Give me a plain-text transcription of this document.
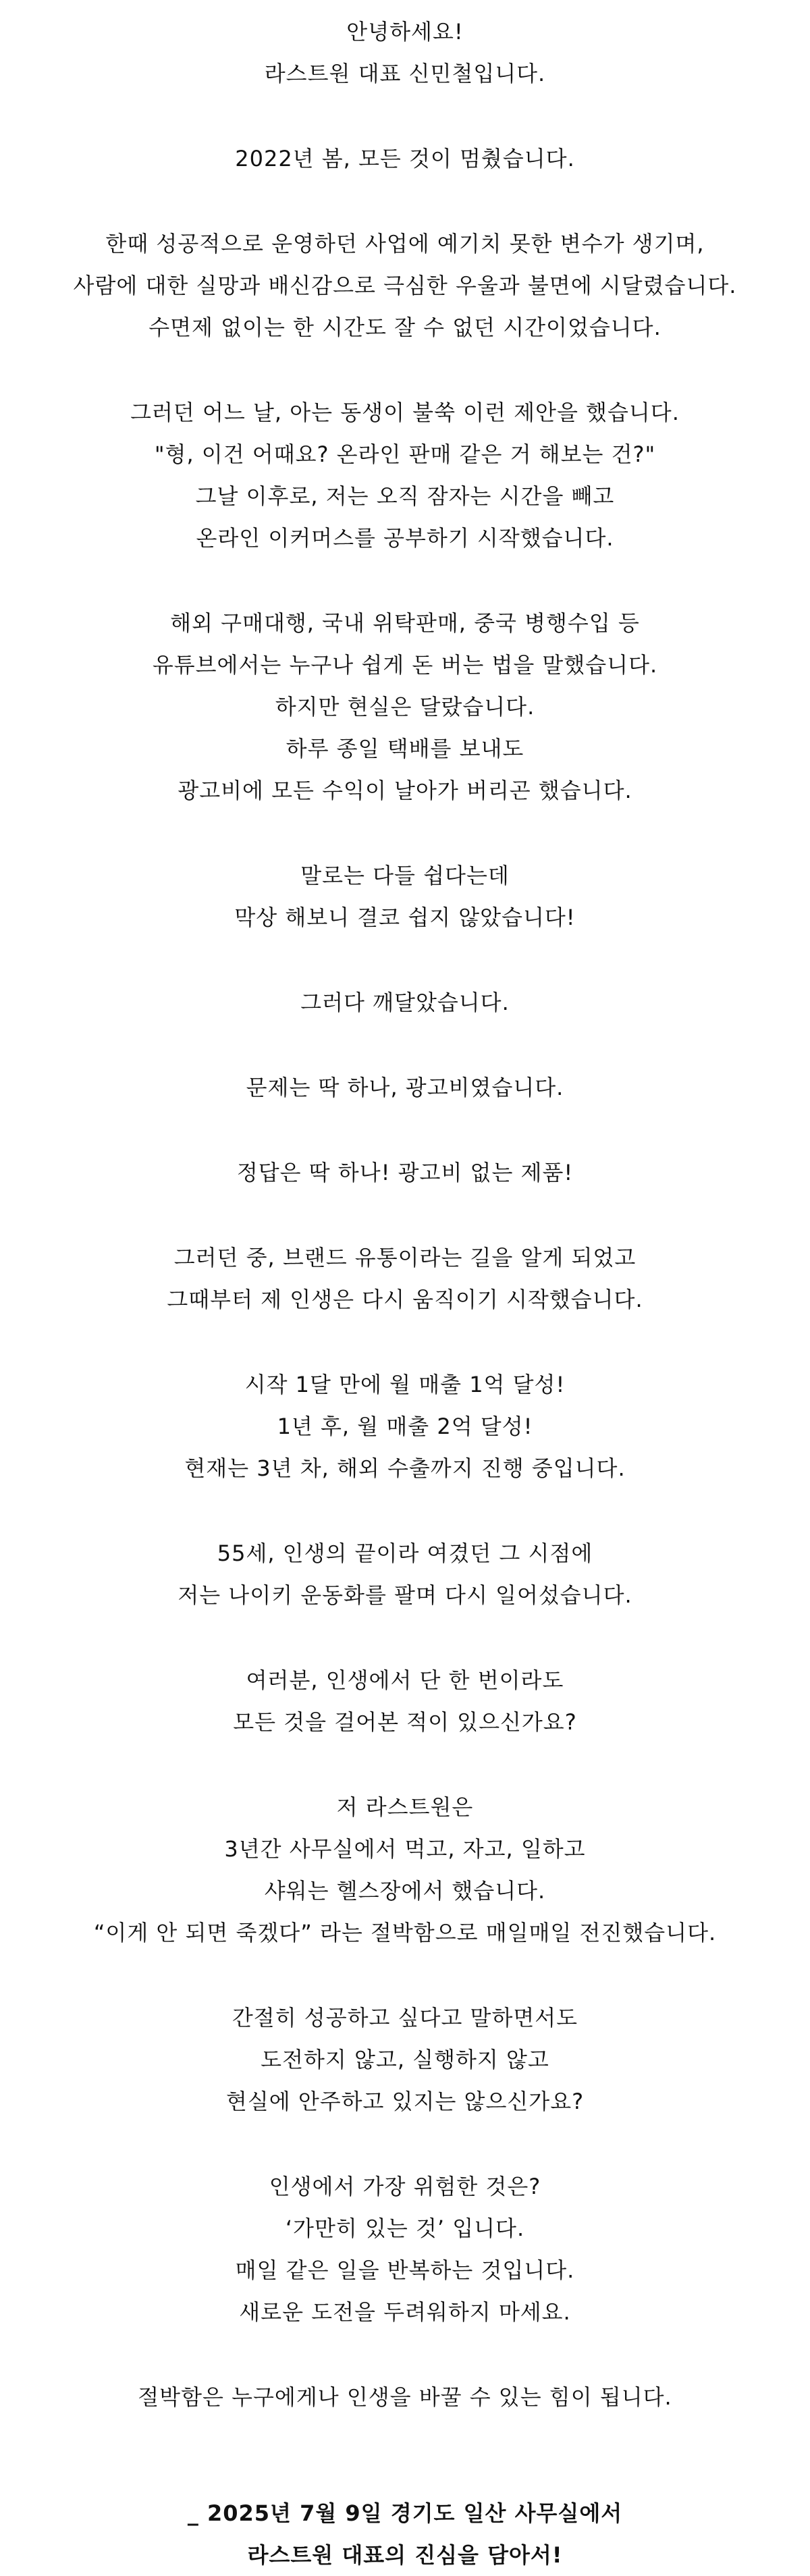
안녕하세요!
라스트원 대표 신민철입니다.
2022년 봄, 모든 것이 멈췄습니다.
한때 성공적으로 운영하던 사업에 예기치 못한 변수가 생기며,
사람에 대한 실망과 배신감으로 극심한 우울과 불면에 시달렸습니다.
수면제 없이는 한 시간도 잘 수 없던 시간이었습니다.
그러던 어느 날, 아는 동생이 불쑥 이런 제안을 했습니다.
"형, 이건 어때요? 온라인 판매 같은 거 해보는 건?"
그날 이후로, 저는 오직 잠자는 시간을 빼고
온라인 이커머스를 공부하기 시작했습니다.
해외 구매대행, 국내 위탁판매, 중국 병행수입 등
유튜브에서는 누구나 쉽게 돈 버는 법을 말했습니다.
하지만 현실은 달랐습니다.
하루 종일 택배를 보내도
광고비에 모든 수익이 날아가 버리곤 했습니다.
말로는 다들 쉽다는데
막상 해보니 결코 쉽지 않았습니다!
그러다 깨달았습니다.
문제는 딱 하나, 광고비였습니다.
정답은 딱 하나! 광고비 없는 제품!
그러던 중, 브랜드 유통이라는 길을 알게 되었고
그때부터 제 인생은 다시 움직이기 시작했습니다.
시작 1달 만에 월 매출 1억 달성!
1년 후, 월 매출 2억 달성!
현재는 3년 차, 해외 수출까지 진행 중입니다.
55세, 인생의 끝이라 여겼던 그 시점에
저는 나이키 운동화를 팔며 다시 일어섰습니다.
여러분, 인생에서 단 한 번이라도
모든 것을 걸어본 적이 있으신가요?
저 라스트원은
3년간 사무실에서 먹고, 자고, 일하고
샤워는 헬스장에서 했습니다.
“이게 안 되면 죽겠다” 라는 절박함으로 매일매일 전진했습니다.
간절히 성공하고 싶다고 말하면서도
도전하지 않고, 실행하지 않고
현실에 안주하고 있지는 않으신가요?
인생에서 가장 위험한 것은?
‘가만히 있는 것’ 입니다.
매일 같은 일을 반복하는 것입니다.
새로운 도전을 두려워하지 마세요.
절박함은 누구에게나 인생을 바꿀 수 있는 힘이 됩니다.
_ 2025년 7월 9일 경기도 일산 사무실에서
라스트원 대표의 진심을 담아서!
